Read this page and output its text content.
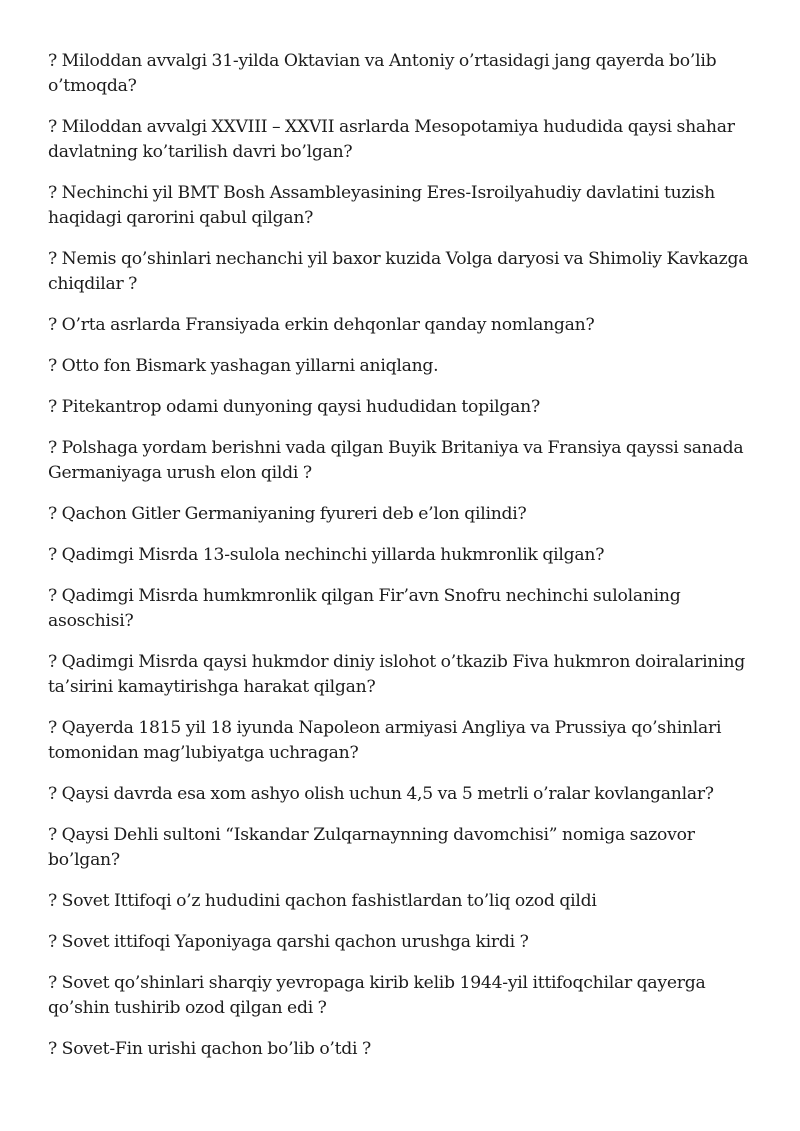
? Miloddan avvalgi 31-yilda Oktavian va Antoniy o’rtasidagi jang qayerda bo’lib o’tmoqda?
? Miloddan avvalgi XXVIII – XXVII asrlarda Mesopotamiya hududida qaysi shahar davlatning ko’tarilish davri bo’lgan?
? Nechinchi yil BMT Bosh Assambleyasining Eres-Isroilyahudiy davlatini tuzish haqidagi qarorini qabul qilgan?
? Nemis qo’shinlari nechanchi yil baxor kuzida Volga daryosi va Shimoliy Kavkazga chiqdilar ?
? O’rta asrlarda Fransiyada erkin dehqonlar qanday nomlangan?
? Otto fon Bismark yashagan yillarni aniqlang.
? Pitekantrop odami dunyoning qaysi hududidan topilgan?
? Polshaga yordam berishni vada qilgan Buyik Britaniya va Fransiya qayssi sanada Germaniyaga urush elon qildi ?
? Qachon Gitler Germaniyaning fyureri deb e’lon qilindi?
? Qadimgi Misrda 13-sulola nechinchi yillarda hukmronlik qilgan?
? Qadimgi Misrda humkmronlik qilgan Fir’avn Snofru nechinchi sulolaning asoschisi?
? Qadimgi Misrda qaysi hukmdor diniy islohot o’tkazib Fiva hukmron doiralarining ta’sirini kamaytirishga harakat qilgan?
? Qayerda 1815 yil 18 iyunda Napoleon armiyasi Angliya va Prussiya qo’shinlari tomonidan mag’lubiyatga uchragan?
? Qaysi davrda esa xom ashyo olish uchun 4,5 va 5 metrli o’ralar kovlanganlar?
? Qaysi Dehli sultoni “Iskandar Zulqarnaynning davomchisi” nomiga sazovor bo’lgan?
? Sovet Ittifoqi o’z hududini qachon fashistlardan to’liq ozod qildi
? Sovet ittifoqi Yaponiyaga qarshi qachon urushga kirdi ?
? Sovet qo’shinlari sharqiy yevropaga kirib kelib 1944-yil ittifoqchilar qayerga qo’shin tushirib ozod qilgan edi ?
? Sovet-Fin urishi qachon bo’lib o’tdi ?
